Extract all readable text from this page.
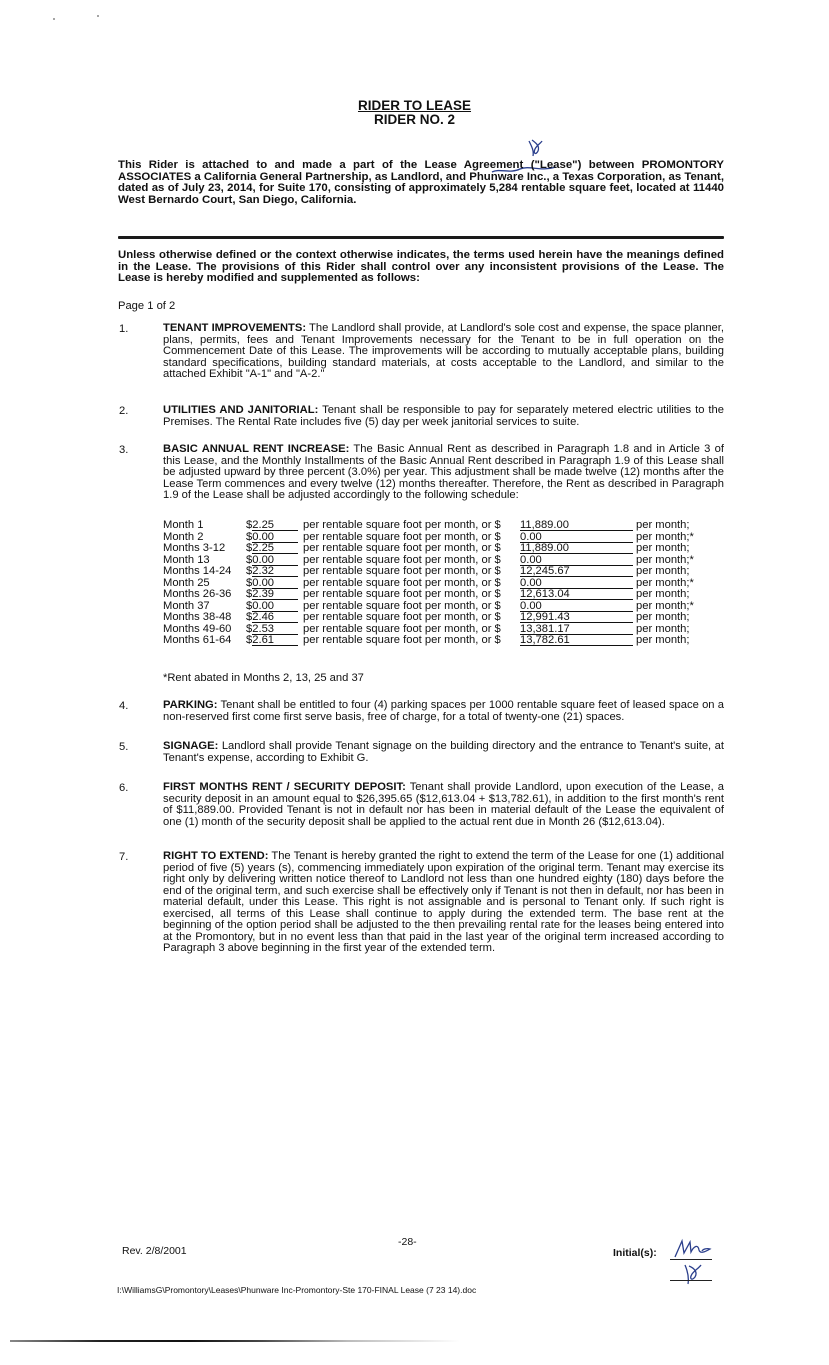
RIDER TO LEASE
RIDER NO. 2
This Rider is attached to and made a part of the Lease Agreement ("Lease") between PROMONTORY ASSOCIATES a California General Partnership, as Landlord, and Phunware Inc., a Texas Corporation, as Tenant, dated as of July 23, 2014, for Suite 170, consisting of approximately 5,284 rentable square feet, located at 11440 West Bernardo Court, San Diego, California.
Unless otherwise defined or the context otherwise indicates, the terms used herein have the meanings defined in the Lease. The provisions of this Rider shall control over any inconsistent provisions of the Lease. The Lease is hereby modified and supplemented as follows:
Page 1 of 2
1.	TENANT IMPROVEMENTS: The Landlord shall provide, at Landlord's sole cost and expense, the space planner, plans, permits, fees and Tenant Improvements necessary for the Tenant to be in full operation on the Commencement Date of this Lease. The improvements will be according to mutually acceptable plans, building standard specifications, building standard materials, at costs acceptable to the Landlord, and similar to the attached Exhibit "A-1" and "A-2."
2.	UTILITIES AND JANITORIAL: Tenant shall be responsible to pay for separately metered electric utilities to the Premises. The Rental Rate includes five (5) day per week janitorial services to suite.
3.	BASIC ANNUAL RENT INCREASE: The Basic Annual Rent as described in Paragraph 1.8 and in Article 3 of this Lease, and the Monthly Installments of the Basic Annual Rent described in Paragraph 1.9 of this Lease shall be adjusted upward by three percent (3.0%) per year. This adjustment shall be made twelve (12) months after the Lease Term commences and every twelve (12) months thereafter. Therefore, the Rent as described in Paragraph 1.9 of the Lease shall be adjusted accordingly to the following schedule:
Month 1	$2.25	per rentable square foot per month, or $ 11,889.00	per month;
Month 2	$0.00	per rentable square foot per month, or $ 0.00	per month;*
Months 3-12 $2.25	per rentable square foot per month, or $ 11,889.00	per month;
Month 13	$0.00	per rentable square foot per month, or $ 0.00	per month;*
Months 14-24 $2.32	per rentable square foot per month, or $ 12,245.67	per month;
Month 25	$0.00	per rentable square foot per month, or $ 0.00	per month;*
Months 26-36 $2.39	per rentable square foot per month, or $ 12,613.04	per month;
Month 37	$0.00	per rentable square foot per month, or $ 0.00	per month;*
Months 38-48 $2.46	per rentable square foot per month, or $ 12,991.43	per month;
Months 49-60 $2.53	per rentable square foot per month, or $ 13,381.17	per month;
Months 61-64 $2.61	per rentable square foot per month, or $ 13,782.61	per month;
*Rent abated in Months 2, 13, 25 and 37
4.	PARKING: Tenant shall be entitled to four (4) parking spaces per 1000 rentable square feet of leased space on a non-reserved first come first serve basis, free of charge, for a total of twenty-one (21) spaces.
5.	SIGNAGE: Landlord shall provide Tenant signage on the building directory and the entrance to Tenant's suite, at Tenant's expense, according to Exhibit G.
6.	FIRST MONTHS RENT / SECURITY DEPOSIT: Tenant shall provide Landlord, upon execution of the Lease, a security deposit in an amount equal to $26,395.65 ($12,613.04 + $13,782.61), in addition to the first month's rent of $11,889.00. Provided Tenant is not in default nor has been in material default of the Lease the equivalent of one (1) month of the security deposit shall be applied to the actual rent due in Month 26 ($12,613.04).
7.	RIGHT TO EXTEND: The Tenant is hereby granted the right to extend the term of the Lease for one (1) additional period of five (5) years (s), commencing immediately upon expiration of the original term. Tenant may exercise its right only by delivering written notice thereof to Landlord not less than one hundred eighty (180) days before the end of the original term, and such exercise shall be effectively only if Tenant is not then in default, nor has been in material default, under this Lease. This right is not assignable and is personal to Tenant only. If such right is exercised, all terms of this Lease shall continue to apply during the extended term. The base rent at the beginning of the option period shall be adjusted to the then prevailing rental rate for the leases being entered into at the Promontory, but in no event less than that paid in the last year of the original term increased according to Paragraph 3 above beginning in the first year of the extended term.
-28-
Rev. 2/8/2001	Initial(s):
I:\WilliamsG\Promontory\Leases\Phunware Inc-Promontory-Ste 170-FINAL Lease (7 23 14).doc
